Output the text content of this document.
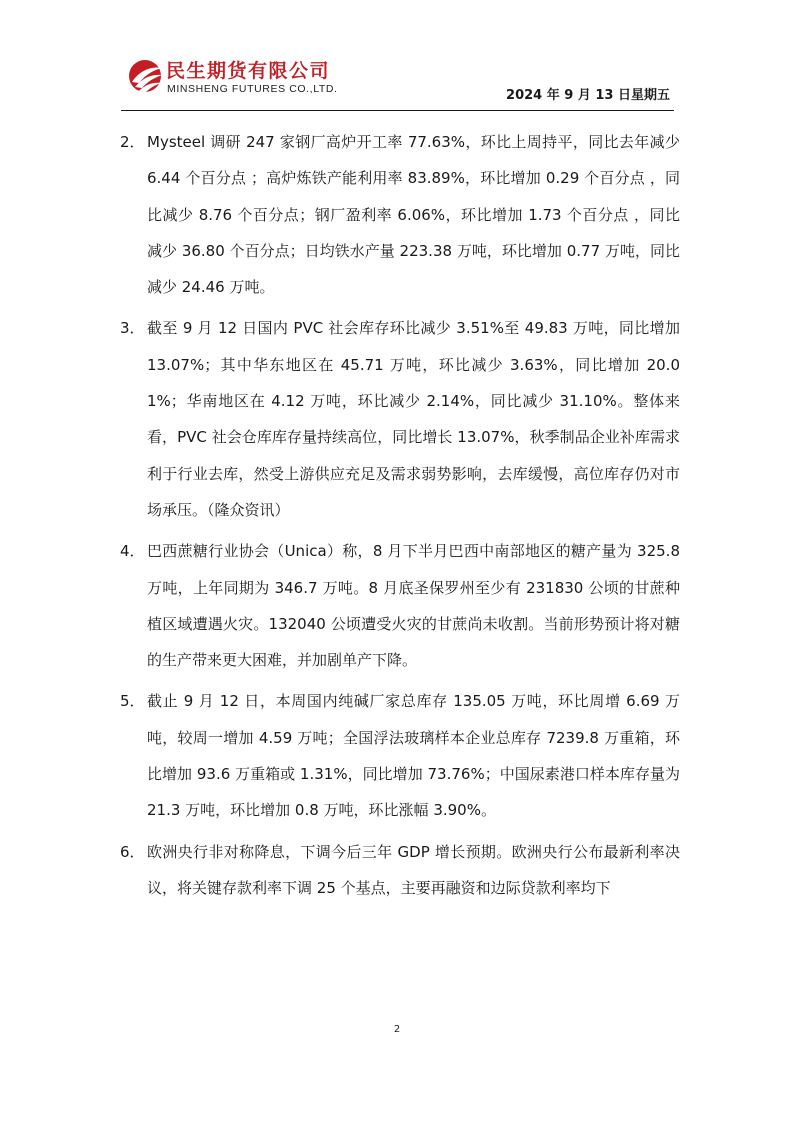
民生期货有限公司
MINSHENG FUTURES CO.,LTD.	2024 年 9 月 13 日星期五
2． Mysteel 调研 247 家钢厂高炉开工率 77.63%，环比上周持平，同比去年减少 6.44 个百分点 ；高炉炼铁产能利用率 83.89%，环比增加 0.29 个百分点 ，同比减少 8.76 个百分点；钢厂盈利率 6.06%，环比增加 1.73 个百分点 ，同比减少 36.80 个百分点；日均铁水产量 223.38 万吨，环比增加 0.77 万吨，同比减少 24.46 万吨。
3． 截至 9 月 12 日国内 PVC 社会库存环比减少 3.51%至 49.83 万吨，同比增加 13.07%；其中华东地区在 45.71 万吨，环比减少 3.63%，同比增加 20.01%；华南地区在 4.12 万吨，环比减少 2.14%，同比减少 31.10%。整体来看，PVC 社会仓库库存量持续高位，同比增长 13.07%，秋季制品企业补库需求利于行业去库，然受上游供应充足及需求弱势影响，去库缓慢，高位库存仍对市场承压。（隆众资讯）
4． 巴西蔗糖行业协会（Unica）称，8 月下半月巴西中南部地区的糖产量为 325.8 万吨，上年同期为 346.7 万吨。8 月底圣保罗州至少有 231830 公顷的甘蔗种植区域遭遇火灾。132040 公顷遭受火灾的甘蔗尚未收割。当前形势预计将对糖的生产带来更大困难，并加剧单产下降。
5． 截止 9 月 12 日，本周国内纯碱厂家总库存 135.05 万吨，环比周增 6.69 万吨，较周一增加 4.59 万吨；全国浮法玻璃样本企业总库存 7239.8 万重箱，环比增加 93.6 万重箱或 1.31%，同比增加 73.76%；中国尿素港口样本库存量为 21.3 万吨，环比增加 0.8 万吨，环比涨幅 3.90%。
6． 欧洲央行非对称降息，下调今后三年 GDP 增长预期。欧洲央行公布最新利率决议，将关键存款利率下调 25 个基点，主要再融资和边际贷款利率均下
2
